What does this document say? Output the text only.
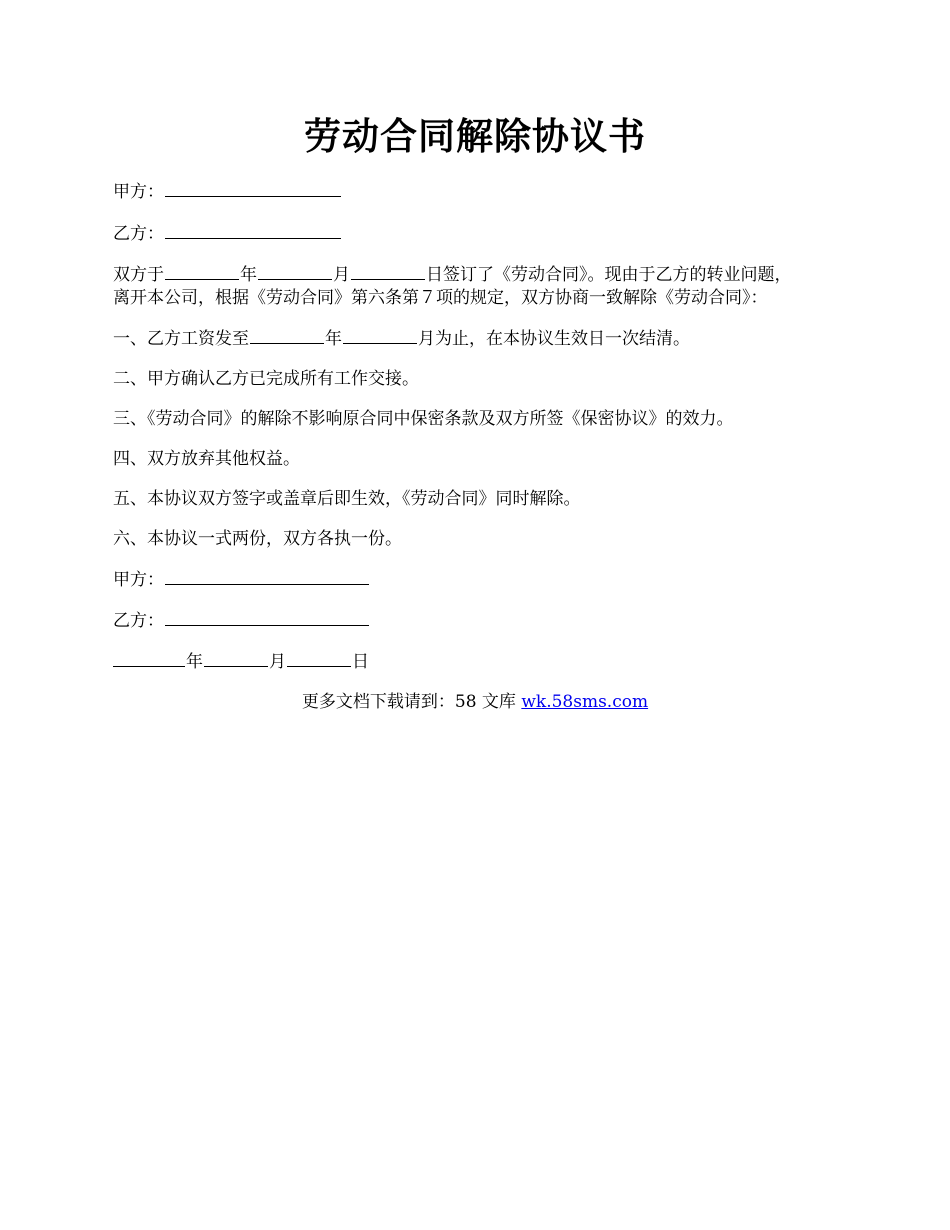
劳动合同解除协议书
甲方：
乙方：
双方于	年	月	日签订了《劳动合同》。现由于乙方的转业问题，
离开本公司，根据《劳动合同》第六条第７项的规定，双方协商一致解除《劳动合同》：
一、乙方工资发至	年	月为止，在本协议生效日一次结清。
二、甲方确认乙方已完成所有工作交接。
三、《劳动合同》的解除不影响原合同中保密条款及双方所签《保密协议》的效力。
四、双方放弃其他权益。
五、本协议双方签字或盖章后即生效，《劳动合同》同时解除。
六、本协议一式两份，双方各执一份。
甲方：
乙方：
年	月	日
更多文档下载请到：58 文库 wk.58sms.com
